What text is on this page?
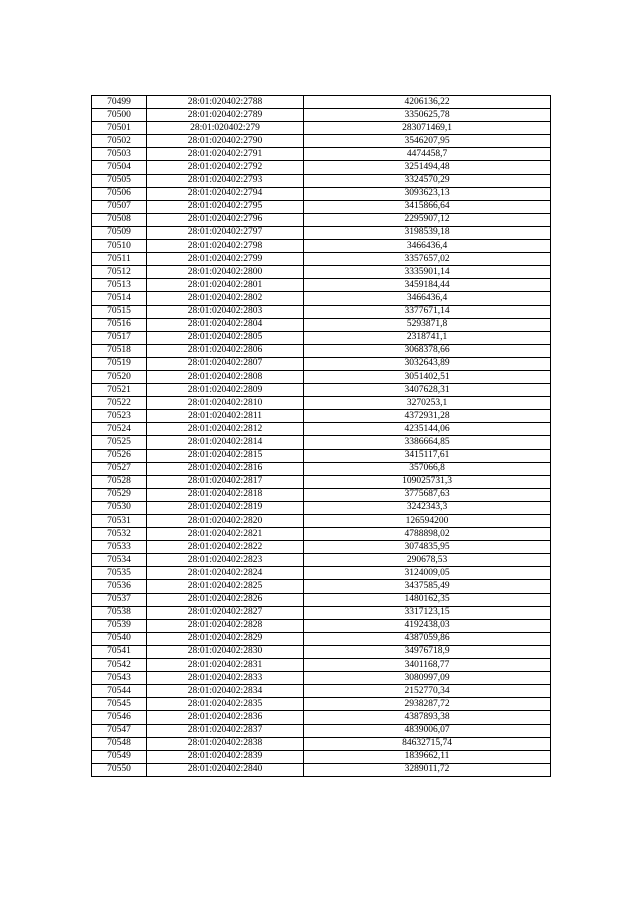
70499	28:01:020402:2788	4206136,22
70500	28:01:020402:2789	3350625,78
70501	28:01:020402:279	283071469,1
70502	28:01:020402:2790	3546207,95
70503	28:01:020402:2791	4474458,7
70504	28:01:020402:2792	3251494,48
70505	28:01:020402:2793	3324570,29
70506	28:01:020402:2794	3093623,13
70507	28:01:020402:2795	3415866,64
70508	28:01:020402:2796	2295907,12
70509	28:01:020402:2797	3198539,18
70510	28:01:020402:2798	3466436,4
70511	28:01:020402:2799	3357657,02
70512	28:01:020402:2800	3335901,14
70513	28:01:020402:2801	3459184,44
70514	28:01:020402:2802	3466436,4
70515	28:01:020402:2803	3377671,14
70516	28:01:020402:2804	5293871,8
70517	28:01:020402:2805	2318741,1
70518	28:01:020402:2806	3068378,66
70519	28:01:020402:2807	3032643,89
70520	28:01:020402:2808	3051402,51
70521	28:01:020402:2809	3407628,31
70522	28:01:020402:2810	3270253,1
70523	28:01:020402:2811	4372931,28
70524	28:01:020402:2812	4235144,06
70525	28:01:020402:2814	3386664,85
70526	28:01:020402:2815	3415117,61
70527	28:01:020402:2816	357066,8
70528	28:01:020402:2817	109025731,3
70529	28:01:020402:2818	3775687,63
70530	28:01:020402:2819	3242343,3
70531	28:01:020402:2820	126594200
70532	28:01:020402:2821	4788898,02
70533	28:01:020402:2822	3074835,95
70534	28:01:020402:2823	290678,53
70535	28:01:020402:2824	3124009,05
70536	28:01:020402:2825	3437585,49
70537	28:01:020402:2826	1480162,35
70538	28:01:020402:2827	3317123,15
70539	28:01:020402:2828	4192438,03
70540	28:01:020402:2829	4387059,86
70541	28:01:020402:2830	34976718,9
70542	28:01:020402:2831	3401168,77
70543	28:01:020402:2833	3080997,09
70544	28:01:020402:2834	2152770,34
70545	28:01:020402:2835	2938287,72
70546	28:01:020402:2836	4387893,38
70547	28:01:020402:2837	4839006,07
70548	28:01:020402:2838	84632715,74
70549	28:01:020402:2839	1839662,11
70550	28:01:020402:2840	3289011,72
